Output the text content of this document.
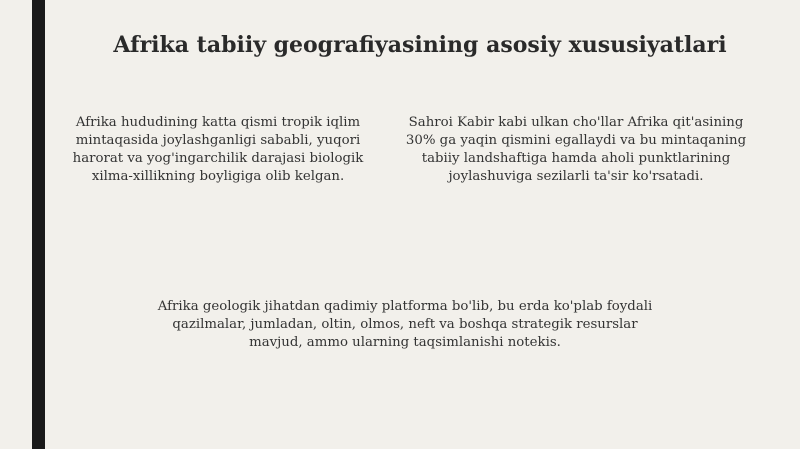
Afrika tabiiy geografiyasining asosiy xususiyatlari
Afrika hududining katta qismi tropik iqlim mintaqasida joylashganligi sababli, yuqori harorat va yog'ingarchilik darajasi biologik xilma-xillikning boyligiga olib kelgan.
Sahroi Kabir kabi ulkan cho'llar Afrika qit'asining 30% ga yaqin qismini egallaydi va bu mintaqaning tabiiy landshaftiga hamda aholi punktlarining joylashuviga sezilarli ta'sir ko'rsatadi.
Afrika geologik jihatdan qadimiy platforma bo'lib, bu erda ko'plab foydali qazilmalar, jumladan, oltin, olmos, neft va boshqa strategik resurslar mavjud, ammo ularning taqsimlanishi notekis.
